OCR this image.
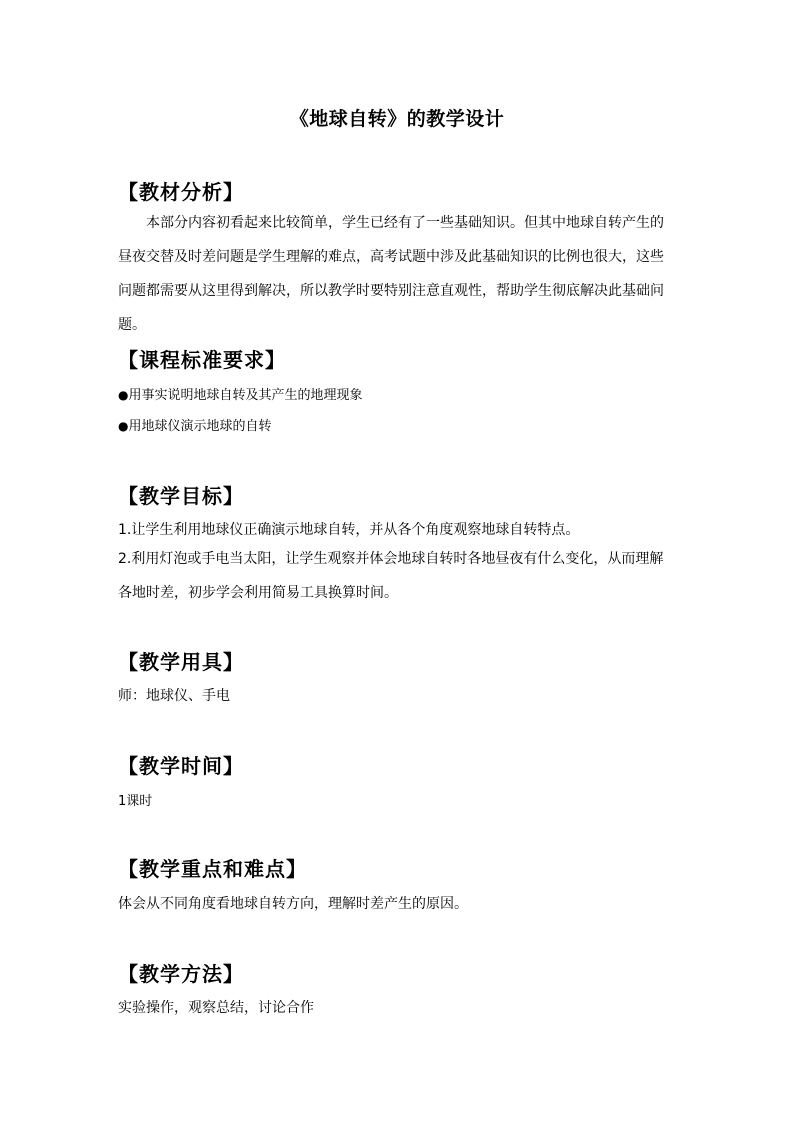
《地球自转》的教学设计
【教材分析】
本部分内容初看起来比较简单，学生已经有了一些基础知识。但其中地球自转产生的昼夜交替及时差问题是学生理解的难点，高考试题中涉及此基础知识的比例也很大，这些问题都需要从这里得到解决，所以教学时要特别注意直观性，帮助学生彻底解决此基础问题。
【课程标准要求】
●用事实说明地球自转及其产生的地理现象
●用地球仪演示地球的自转
【教学目标】
1.让学生利用地球仪正确演示地球自转，并从各个角度观察地球自转特点。
2.利用灯泡或手电当太阳，让学生观察并体会地球自转时各地昼夜有什么变化，从而理解各地时差，初步学会利用简易工具换算时间。
【教学用具】
师：地球仪、手电
【教学时间】
1课时
【教学重点和难点】
体会从不同角度看地球自转方向，理解时差产生的原因。
【教学方法】
实验操作，观察总结，讨论合作
